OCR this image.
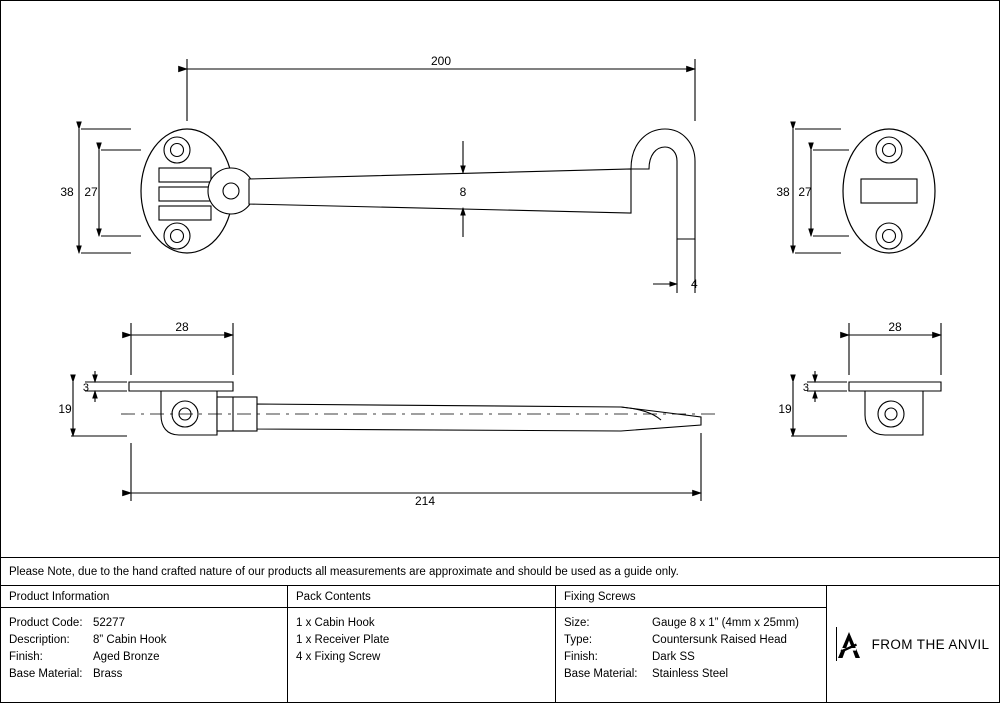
200
8
4
38 27	38 27
28
3
19
214
28
3
19
Please Note, due to the hand crafted nature of our products all measurements are approximate and should be used as a guide only.
Product Information
Product Code: 52277
Description:	8” Cabin Hook
Finish:	Aged Bronze
Base Material: Brass
Pack Contents
1 x Cabin Hook
1 x Receiver Plate
4 x Fixing Screw
Fixing Screws
Size:	Gauge 8 x 1” (4mm x 25mm)
Type:	Countersunk Raised Head
Finish:	Dark SS
Base Material:	Stainless Steel
FROM THE ANVIL
